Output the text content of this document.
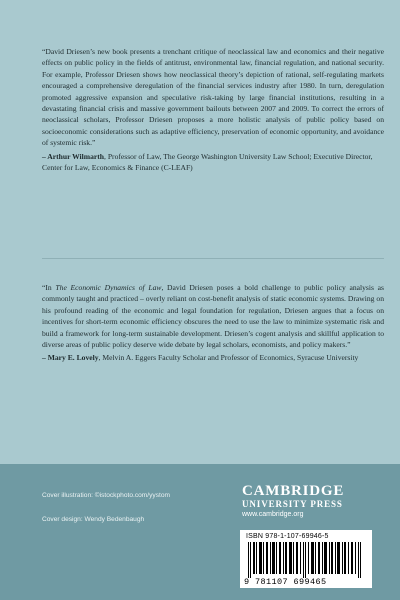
“David Driesen’s new book presents a trenchant critique of neoclassical law and economics and their negative effects on public policy in the fields of antitrust, environmental law, financial regulation, and national security. For example, Professor Driesen shows how neoclassical theory’s depiction of rational, self-regulating markets encouraged a comprehensive deregulation of the financial services industry after 1980. In turn, deregulation promoted aggressive expansion and speculative risk-taking by large financial institutions, resulting in a devastating financial crisis and massive government bailouts between 2007 and 2009. To correct the errors of neoclassical scholars, Professor Driesen proposes a more holistic analysis of public policy based on socioeconomic considerations such as adaptive efficiency, preservation of economic opportunity, and avoidance of systemic risk.”
– Arthur Wilmarth, Professor of Law, The George Washington University Law School; Executive Director, Center for Law, Economics & Finance (C-LEAF)
“In The Economic Dynamics of Law, David Driesen poses a bold challenge to public policy analysis as commonly taught and practiced – overly reliant on cost-benefit analysis of static economic systems. Drawing on his profound reading of the economic and legal foundation for regulation, Driesen argues that a focus on incentives for short-term economic efficiency obscures the need to use the law to minimize systematic risk and build a framework for long-term sustainable development. Driesen’s cogent analysis and skillful application to diverse areas of public policy deserve wide debate by legal scholars, economists, and policy makers.”
– Mary E. Lovely, Melvin A. Eggers Faculty Scholar and Professor of Economics, Syracuse University
Cover illustration: ©istockphoto.com/yystom
Cover design: Wendy Bedenbaugh
CAMBRIDGE
UNIVERSITY PRESS
www.cambridge.org
ISBN 978-1-107-69946-5
9 781107 699465
